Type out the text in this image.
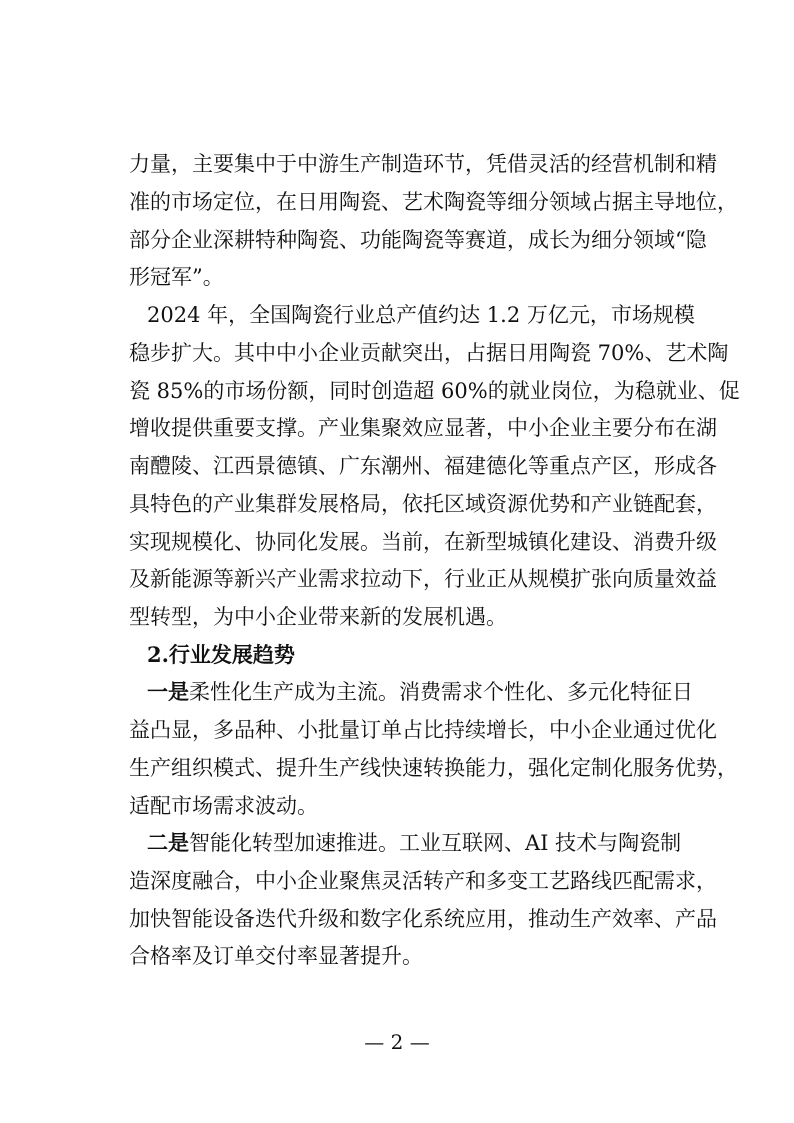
力量，主要集中于中游生产制造环节，凭借灵活的经营机制和精
准的市场定位，在日用陶瓷、艺术陶瓷等细分领域占据主导地位，
部分企业深耕特种陶瓷、功能陶瓷等赛道，成长为细分领域“隐
形冠军”。
2024 年，全国陶瓷行业总产值约达 1.2 万亿元，市场规模
稳步扩大。其中中小企业贡献突出，占据日用陶瓷 70%、艺术陶
瓷 85%的市场份额，同时创造超 60%的就业岗位，为稳就业、促
增收提供重要支撑。产业集聚效应显著，中小企业主要分布在湖
南醴陵、江西景德镇、广东潮州、福建德化等重点产区，形成各
具特色的产业集群发展格局，依托区域资源优势和产业链配套，
实现规模化、协同化发展。当前，在新型城镇化建设、消费升级
及新能源等新兴产业需求拉动下，行业正从规模扩张向质量效益
型转型，为中小企业带来新的发展机遇。
2.行业发展趋势
一是柔性化生产成为主流。消费需求个性化、多元化特征日
益凸显，多品种、小批量订单占比持续增长，中小企业通过优化
生产组织模式、提升生产线快速转换能力，强化定制化服务优势，
适配市场需求波动。
二是智能化转型加速推进。工业互联网、AI 技术与陶瓷制
造深度融合，中小企业聚焦灵活转产和多变工艺路线匹配需求，
加快智能设备迭代升级和数字化系统应用，推动生产效率、产品
合格率及订单交付率显著提升。
— 2 —
